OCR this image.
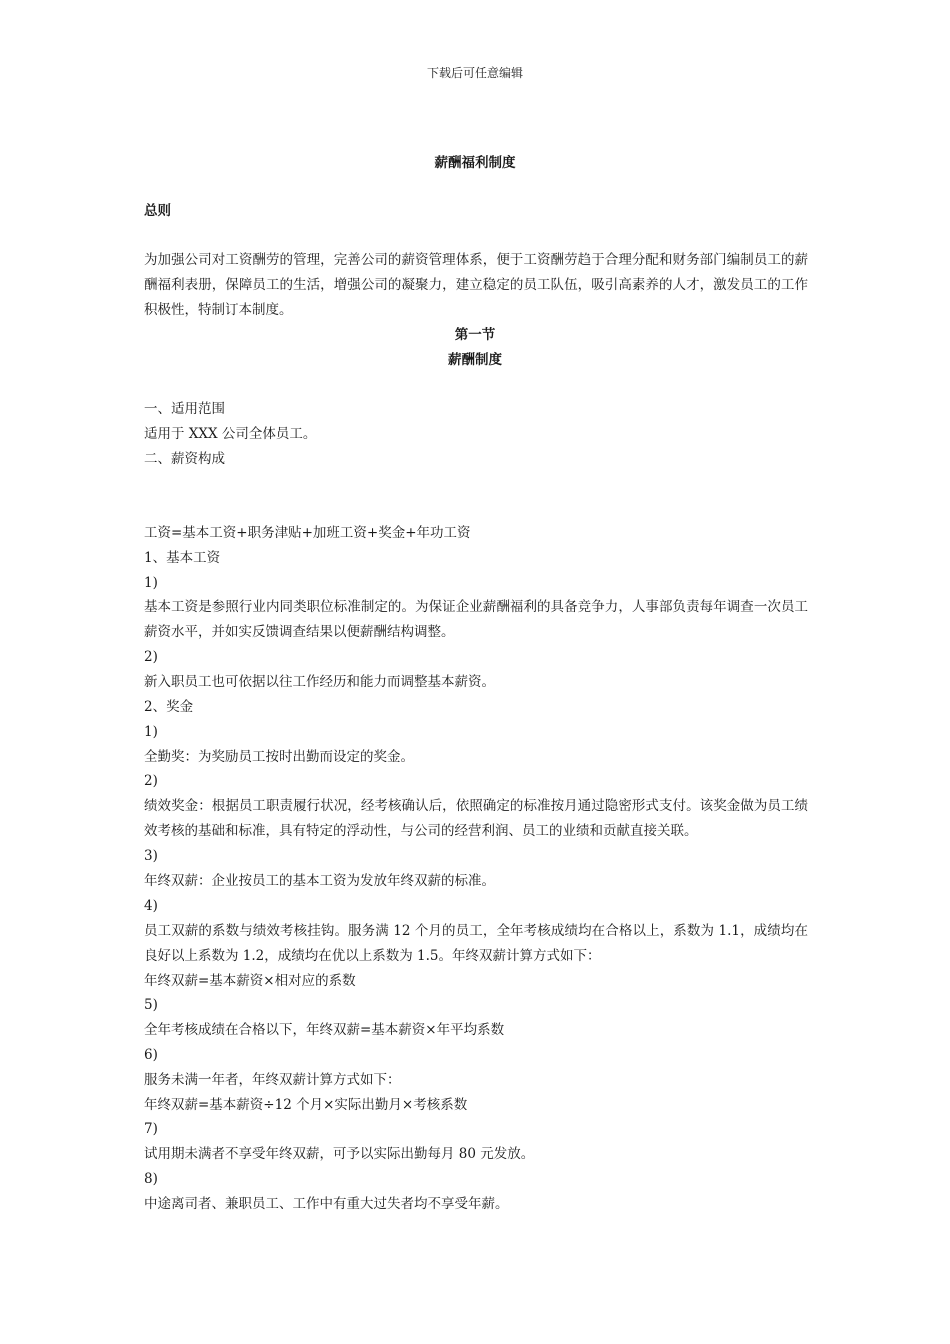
下载后可任意编辑
薪酬福利制度
总则

为加强公司对工资酬劳的管理，完善公司的薪资管理体系，便于工资酬劳趋于合理分配和财务部门编制员工的薪酬福利表册，保障员工的生活，增强公司的凝聚力，建立稳定的员工队伍，吸引高素养的人才，激发员工的工作积极性，特制订本制度。

第一节
薪酬制度
一、适用范围
适用于 XXX 公司全体员工。
二、薪资构成
工资=基本工资+职务津贴+加班工资+奖金+年功工资
1、基本工资
1)

基本工资是参照行业内同类职位标准制定的。为保证企业薪酬福利的具备竞争力，人事部负责每年调查一次员工薪资水平，并如实反馈调查结果以便薪酬结构调整。

2)
新入职员工也可依据以往工作经历和能力而调整基本薪资。
2、奖金
1)
全勤奖：为奖励员工按时出勤而设定的奖金。
2)

绩效奖金：根据员工职责履行状况，经考核确认后，依照确定的标准按月通过隐密形式支付。该奖金做为员工绩效考核的基础和标准，具有特定的浮动性，与公司的经营利润、员工的业绩和贡献直接关联。

3)
年终双薪：企业按员工的基本工资为发放年终双薪的标准。
4)

员工双薪的系数与绩效考核挂钩。服务满 12 个月的员工，全年考核成绩均在合格以上，系数为 1.1，成绩均在良好以上系数为 1.2，成绩均在优以上系数为 1.5。年终双薪计算方式如下：

年终双薪=基本薪资×相对应的系数
5)
全年考核成绩在合格以下，年终双薪=基本薪资×年平均系数
6)
服务未满一年者，年终双薪计算方式如下：
年终双薪=基本薪资÷12 个月×实际出勤月×考核系数
7)
试用期未满者不享受年终双薪，可予以实际出勤每月 80 元发放。
8)
中途离司者、兼职员工、工作中有重大过失者均不享受年薪。
